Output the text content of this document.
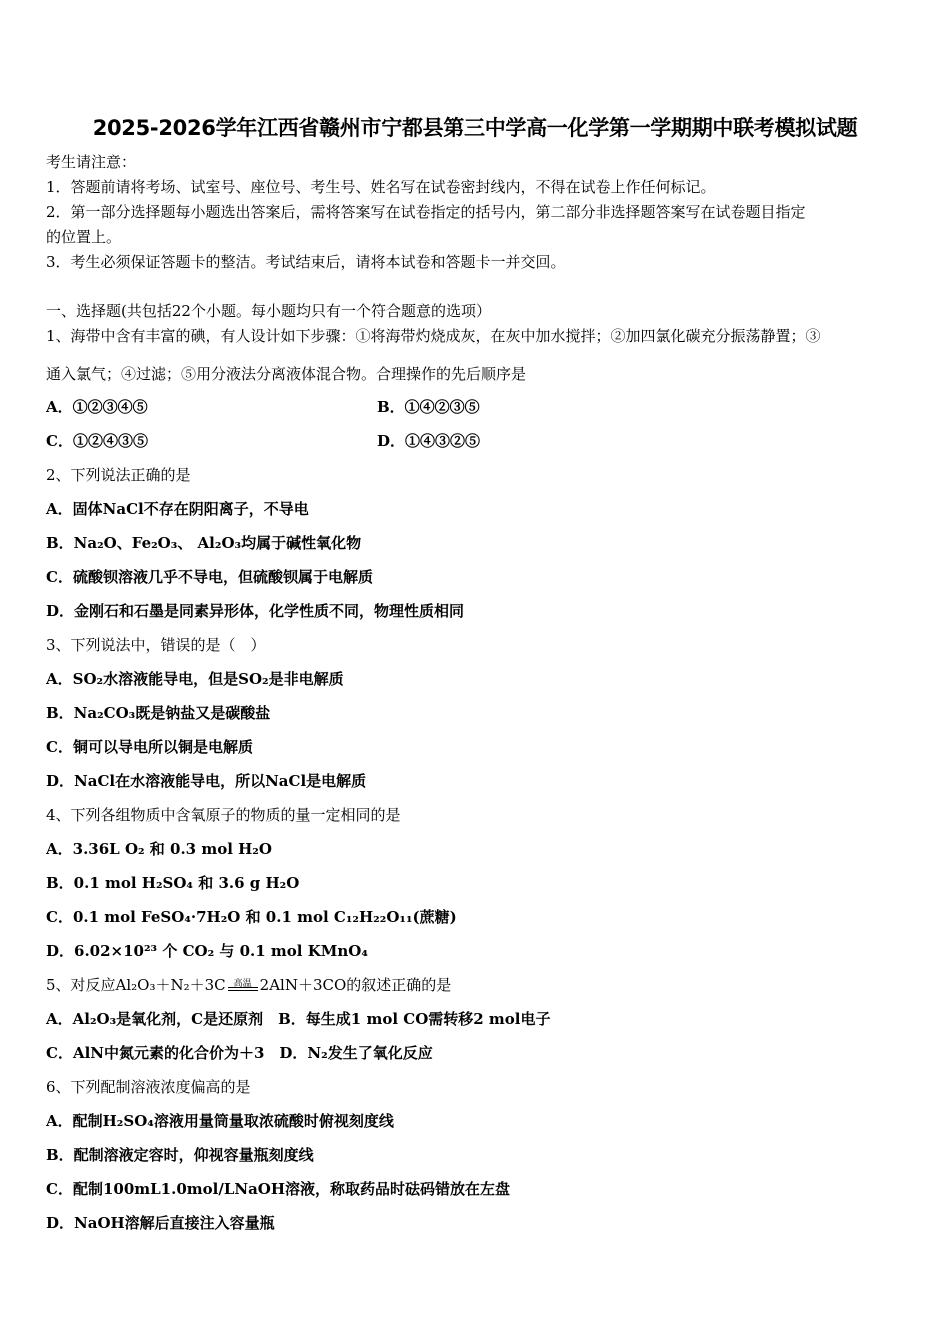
2025-2026学年江西省赣州市宁都县第三中学高一化学第一学期期中联考模拟试题
考生请注意：
1．答题前请将考场、试室号、座位号、考生号、姓名写在试卷密封线内，不得在试卷上作任何标记。
2．第一部分选择题每小题选出答案后，需将答案写在试卷指定的括号内，第二部分非选择题答案写在试卷题目指定
的位置上。
3．考生必须保证答题卡的整洁。考试结束后，请将本试卷和答题卡一并交回。
一、选择题(共包括22个小题。每小题均只有一个符合题意的选项）
1、海带中含有丰富的碘，有人设计如下步骤：①将海带灼烧成灰，在灰中加水搅拌；②加四氯化碳充分振荡静置；③
通入氯气；④过滤；⑤用分液法分离液体混合物。合理操作的先后顺序是
A．①②③④⑤	B．①④②③⑤
C．①②④③⑤	D．①④③②⑤
2、下列说法正确的是
A．固体NaCl不存在阴阳离子，不导电
B．Na₂O、Fe₂O₃、 Al₂O₃均属于碱性氧化物
C．硫酸钡溶液几乎不导电，但硫酸钡属于电解质
D．金刚石和石墨是同素异形体，化学性质不同，物理性质相同
3、下列说法中，错误的是（　）
A．SO₂水溶液能导电，但是SO₂是非电解质
B．Na₂CO₃既是钠盐又是碳酸盐
C．铜可以导电所以铜是电解质
D．NaCl在水溶液能导电，所以NaCl是电解质
4、下列各组物质中含氧原子的物质的量一定相同的是
A．3.36L O₂ 和 0.3 mol H₂O
B．0.1 mol H₂SO₄ 和 3.6 g H₂O
C．0.1 mol FeSO₄·7H₂O 和 0.1 mol C₁₂H₂₂O₁₁(蔗糖)
D．6.02×10²³ 个 CO₂ 与 0.1 mol KMnO₄
5、对反应Al₂O₃＋N₂＋3C 高温 2AlN＋3CO的叙述正确的是
A．Al₂O₃是氧化剂，C是还原剂　B．每生成1 mol CO需转移2 mol电子
C．AlN中氮元素的化合价为＋3　D．N₂发生了氧化反应
6、下列配制溶液浓度偏高的是
A．配制H₂SO₄溶液用量筒量取浓硫酸时俯视刻度线
B．配制溶液定容时，仰视容量瓶刻度线
C．配制100mL1.0mol/LNaOH溶液，称取药品时砝码错放在左盘
D．NaOH溶解后直接注入容量瓶
